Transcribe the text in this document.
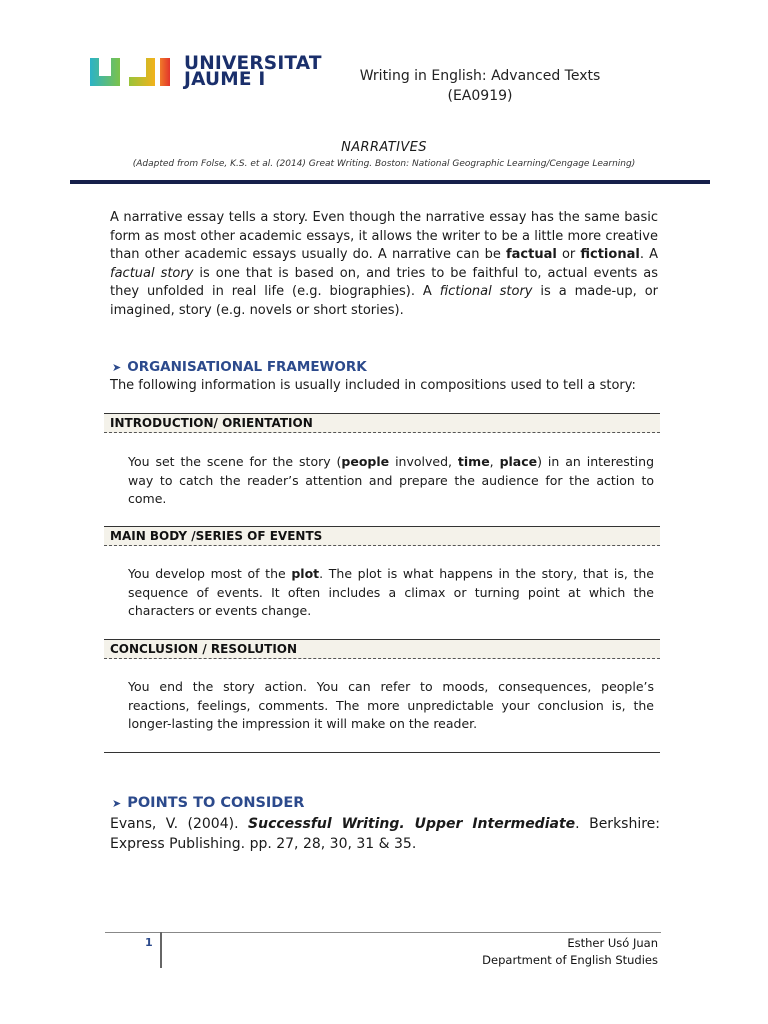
UNIVERSITAT
JAUME I	Writing in English: Advanced Texts
(EA0919)
NARRATIVES
(Adapted from Folse, K.S. et al. (2014) Great Writing. Boston: National Geographic Learning/Cengage Learning)
A narrative essay tells a story. Even though the narrative essay has the same basic form as most other academic essays, it allows the writer to be a little more creative than other academic essays usually do. A narrative can be factual or fictional. A factual story is one that is based on, and tries to be faithful to, actual events as they unfolded in real life (e.g. biographies). A fictional story is a made-up, or imagined, story (e.g. novels or short stories).
➤ ORGANISATIONAL FRAMEWORK
The following information is usually included in compositions used to tell a story:
INTRODUCTION/ ORIENTATION
You set the scene for the story (people involved, time, place) in an interesting way to catch the reader’s attention and prepare the audience for the action to come.
MAIN BODY /SERIES OF EVENTS
You develop most of the plot. The plot is what happens in the story, that is, the sequence of events. It often includes a climax or turning point at which the characters or events change.
CONCLUSION / RESOLUTION
You end the story action. You can refer to moods, consequences, people’s reactions, feelings, comments. The more unpredictable your conclusion is, the longer-lasting the impression it will make on the reader.
➤ POINTS TO CONSIDER
Evans, V. (2004). Successful Writing. Upper Intermediate. Berkshire: Express Publishing. pp. 27, 28, 30, 31 & 35.
1	Esther Usó Juan
Department of English Studies
